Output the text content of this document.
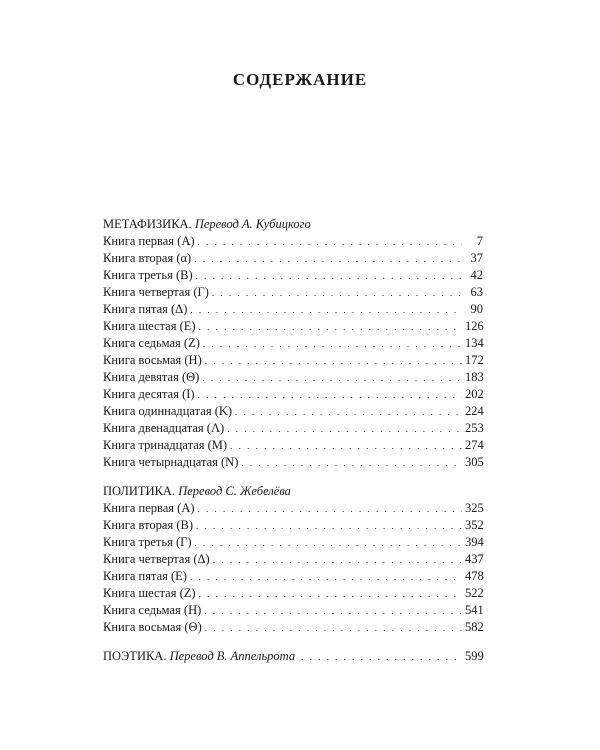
СОДЕРЖАНИЕ
МЕТАФИЗИКА. Перевод А. Кубицкого
Книга первая (A) . . .	7
Книга вторая (α) . . .	37
Книга третья (B) . . .	42
Книга четвертая (Γ) . . .	63
Книга пятая (Δ) . . .	90
Книга шестая (E) . . .	126
Книга седьмая (Z) . . .	134
Книга восьмая (H) . . .	172
Книга девятая (Θ) . . .	183
Книга десятая (I) . . .	202
Книга одиннадцатая (K) . . .	224
Книга двенадцатая (Λ) . . .	253
Книга тринадцатая (M) . . .	274
Книга четырнадцатая (N) . . .	305
ПОЛИТИКА. Перевод С. Жебелёва
Книга первая (A) . . .	325
Книга вторая (B) . . .	352
Книга третья (Γ) . . .	394
Книга четвертая (Δ) . . .	437
Книга пятая (E) . . .	478
Книга шестая (Z) . . .	522
Книга седьмая (H) . . .	541
Книга восьмая (Θ) . . .	582
ПОЭТИКА. Перевод В. Аппельрота . . .	599
